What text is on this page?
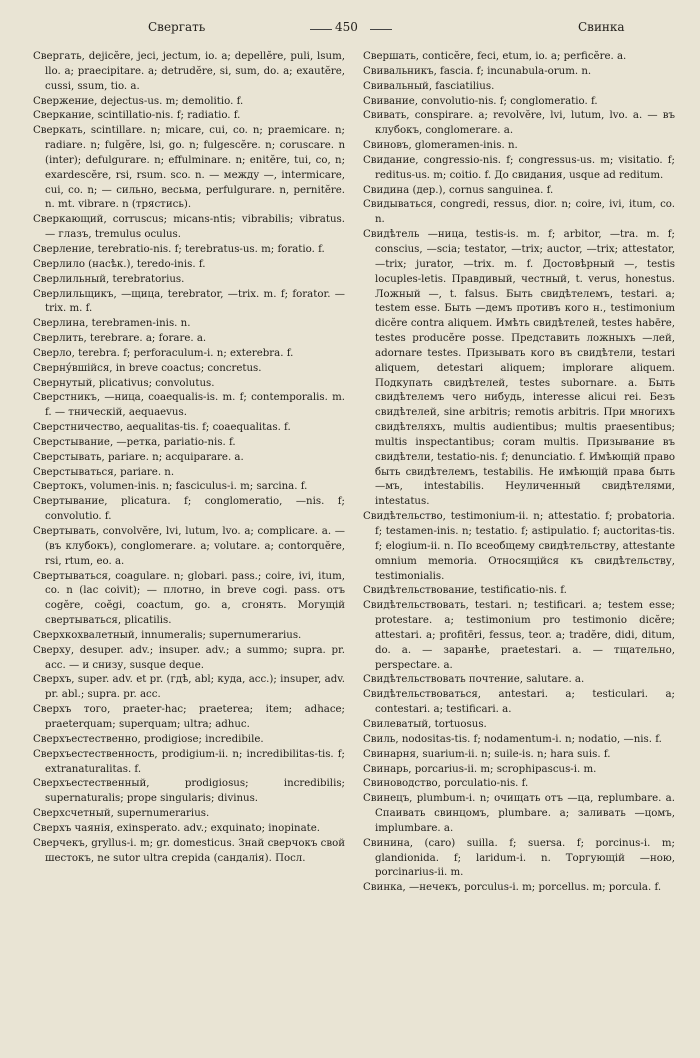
Свергать	450	Свинка

Свергать, dejicĕre, jeci, jectum, io. a; depellĕre, puli, lsum, llo. a; praecipitare. a; detrudĕre, si, sum, do. a; exautĕre, cussi, ssum, tio. a.

Свержение, dejectus-us. m; demolitio. f.

Сверкание, scintillatio-nis. f; radiatio. f.

Сверкать, scintillare. n; micare, cui, co. n; praemicare. n; radiare. n; fulgĕre, lsi, go. n; fulgescĕre. n; coruscare. n (inter); defulgurare. n; effulminare. n; enitĕre, tui, co, n; exardescĕre, rsi, rsum. sco. n. — между —, intermicare, cui, co. n; — сильно, весьма, perfulgurare. n, pernitĕre. n. mt. vibrare. n (трястись).

Сверкающий, corruscus; micans-ntis; vibrabilis; vibratus. — глазъ, tremulus oculus.

Сверление, terebratio-nis. f; terebratus-us. m; foratio. f.

Сверлило (насѣк.), teredo-inis. f.

Сверлильный, terebratorius.

Сверлильщикъ, —щица, terebrator, —trix. m. f; forator. —trix. m. f.

Сверлина, terebramen-inis. n.

Сверлить, terebrare. a; forare. a.

Сверло, terebra. f; perforaculum-i. n; exterebra. f.

Сверну́вшійся, in breve coactus; concretus.

Свернутый, plicativus; convolutus.

Сверстникъ, —ница, coaequalis-is. m. f; contemporalis. m. f. — тническій, aequaevus.

Сверстничество, aequalitas-tis. f; coaequalitas. f.

Сверстывание, —ретка, pariatio-nis. f.

Сверстывать, pariare. n; acquiparare. a.

Сверстываться, pariare. n.

Свертокъ, volumen-inis. n; fasciculus-i. m; sarcina. f.

Свертывание, plicatura. f; conglomeratio, —nis. f; convolutio. f.

Свертывать, convolvĕre, lvi, lutum, lvo. a; complicare. a. — (въ клубокъ), conglomerare. a; volutare. a; contorquĕre, rsi, rtum, eo. a.

Свертываться, coagulare. n; globari. pass.; coire, ivi, itum, co. n (lac coivit); — плотно, in breve cogi. pass. отъ cogĕre, coĕgi, coactum, go. a, сгонять. Могущій свертываться, plicatilis.

Сверхкохвалетный, innumeralis; supernumerarius.

Сверху, desuper. adv.; insuper. adv.; a summo; supra. pr. acc. — и снизу, susque deque.

Сверхъ, super. adv. et pr. (гдѣ, abl; куда, acc.); insuper, adv. pr. abl.; supra. pr. acc.

Сверхъ того, praeter-hac; praeterea; item; adhace; praeterquam; superquam; ultra; adhuc.

Сверхъестественно, prodigiose; incredibile.

Сверхъестественность, prodigium-ii. n; incredibilitas-tis. f; extranaturalitas. f.

Сверхъестественный, prodigiosus; incredibilis; supernaturalis; prope singularis; divinus.

Сверхсчетный, supernumerarius.

Сверхъ чаянія, exinsperato. adv.; exquinato; inopinate.

Сверчекъ, gryllus-i. m; gr. domesticus. Знай сверчокъ свой шестокъ, ne sutor ultra crepida (сандалія). Посл.

Свершать, conticĕre, feci, etum, io. a; perficĕre. a.

Свивальникъ, fascia. f; incunabula-orum. n.

Свивальный, fasciatilius.

Свивание, convolutio-nis. f; conglomeratio. f.

Свивать, conspirare. a; revolvĕre, lvi, lutum, lvo. a. — въ клубокъ, conglomerare. a.

Свиновъ, glomeramen-inis. n.

Свидание, congressio-nis. f; congressus-us. m; visitatio. f; reditus-us. m; coitio. f. До свидания, usque ad reditum.

Свидина (дер.), cornus sanguinea. f.

Свидываться, congredi, ressus, dior. n; coire, ivi, itum, co. n.

Свидѣтель —ница, testis-is. m. f; arbitor, —tra. m. f; conscius, —scia; testator, —trix; auctor, —trix; attestator, —trix; jurator, —trix. m. f. Достовѣрный —, testis locuples-letis. Правдивый, честный, t. verus, honestus. Ложный —, t. falsus. Быть свидѣтелемъ, testari. a; testem esse. Быть —демъ противъ кого н., testimonium dicĕre contra aliquem. Имѣть свидѣтелей, testes habēre, testes producĕre posse. Представить ложныхъ —лей, adornare testes. Призывать кого въ свидѣтели, testari aliquem, detestari aliquem; implorare aliquem. Подкупать свидѣтелей, testes subornare. a. Быть свидѣтелемъ чего нибудь, interesse alicui rei. Безъ свидѣтелей, sine arbitris; remotis arbitris. При многихъ свидѣтеляхъ, multis audientibus; multis praesentibus; multis inspectantibus; coram multis. Призывание въ свидѣтели, testatio-nis. f; denunciatio. f. Имѣющій право быть свидѣтелемъ, testabilis. Не имѣющій права быть —мъ, intestabilis. Неуличенный свидѣтелями, intestatus.

Свидѣтельство, testimonium-ii. n; attestatio. f; probatoria. f; testamen-inis. n; testatio. f; astipulatio. f; auctoritas-tis. f; elogium-ii. n. По всеобщему свидѣтельству, attestante omnium memoria. Относящійся къ свидѣтельству, testimonialis.

Свидѣтельствование, testificatio-nis. f.

Свидѣтельствовать, testari. n; testificari. a; testem esse; protestare. a; testimonium pro testimonio dicĕre; attestari. a; profitēri, fessus, teor. a; tradĕre, didi, ditum, do. a. — заранѣе, praetestari. a. — тщательно, perspectare. a.

Свидѣтельствовать почтение, salutare. a.

Свидѣтельствоваться, antestari. a; testiculari. a; contestari. a; testificari. a.

Свилеватый, tortuosus.

Свиль, nodositas-tis. f; nodamentum-i. n; nodatio, —nis. f.

Свинарня, suarium-ii. n; suile-is. n; hara suis. f.

Свинарь, porcarius-ii. m; scrophipascus-i. m.

Свиноводство, porculatio-nis. f.

Свинецъ, plumbum-i. n; очищать отъ —ца, replumbare. a. Спаивать свинцомъ, plumbare. a; заливать —цомъ, implumbare. a.

Свинина, (caro) suilla. f; suersa. f; porcinus-i. m; glandionida. f; laridum-i. n. Торгующій —ною, porcinarius-ii. m.

Свинка, —нечекъ, porculus-i. m; porcellus. m; porcula. f.
